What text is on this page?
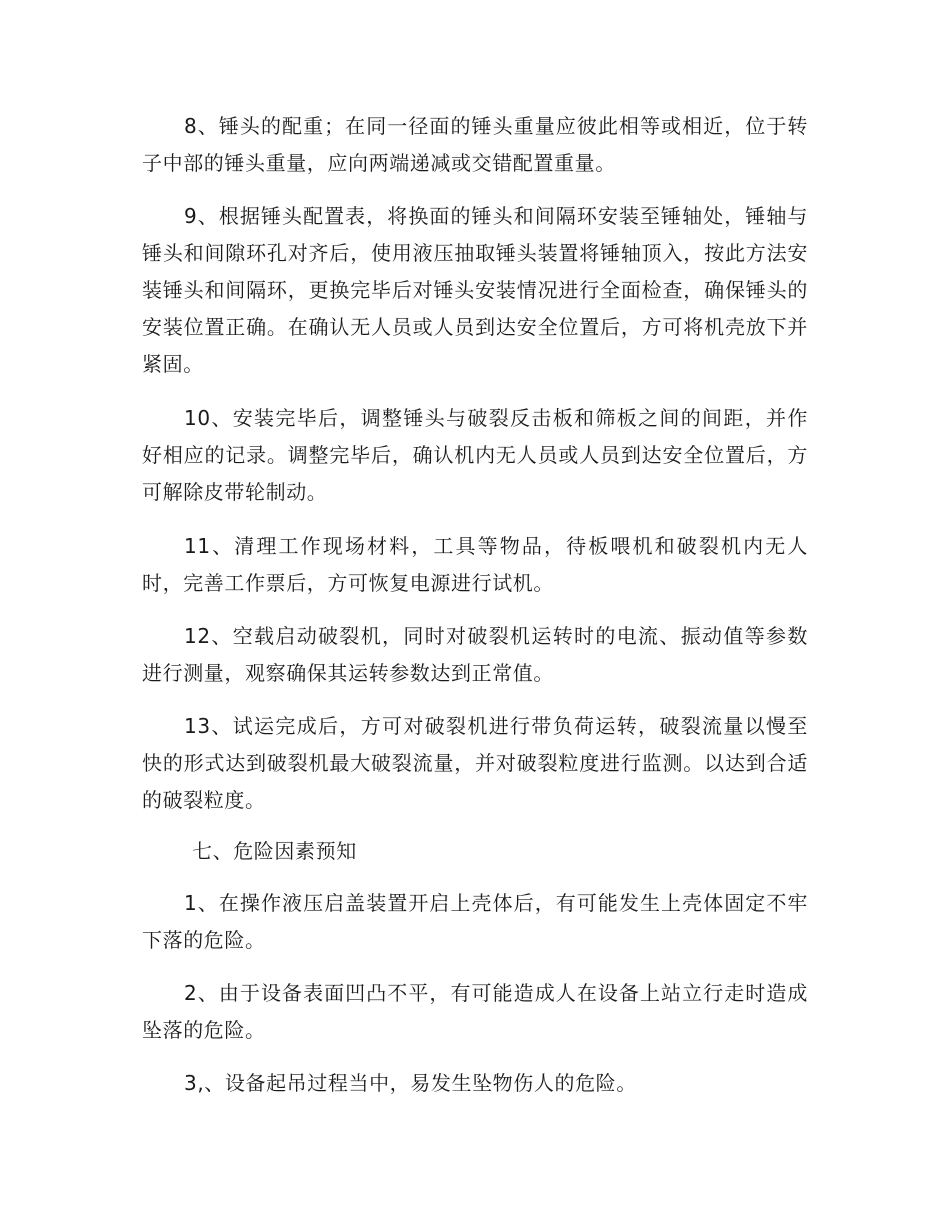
8、锤头的配重；在同一径面的锤头重量应彼此相等或相近，位于转子中部的锤头重量，应向两端递减或交错配置重量。

9、根据锤头配置表，将换面的锤头和间隔环安装至锤轴处，锤轴与锤头和间隙环孔对齐后，使用液压抽取锤头装置将锤轴顶入，按此方法安装锤头和间隔环，更换完毕后对锤头安装情况进行全面检查，确保锤头的安装位置正确。在确认无人员或人员到达安全位置后，方可将机壳放下并紧固。

10、安装完毕后，调整锤头与破裂反击板和筛板之间的间距，并作好相应的记录。调整完毕后，确认机内无人员或人员到达安全位置后，方可解除皮带轮制动。

11、清理工作现场材料，工具等物品，待板喂机和破裂机内无人时，完善工作票后，方可恢复电源进行试机。

12、空载启动破裂机，同时对破裂机运转时的电流、振动值等参数进行测量，观察确保其运转参数达到正常值。

13、试运完成后，方可对破裂机进行带负荷运转，破裂流量以慢至快的形式达到破裂机最大破裂流量，并对破裂粒度进行监测。以达到合适的破裂粒度。

七、危险因素预知

1、在操作液压启盖装置开启上壳体后，有可能发生上壳体固定不牢下落的危险。

2、由于设备表面凹凸不平，有可能造成人在设备上站立行走时造成坠落的危险。

3,、设备起吊过程当中，易发生坠物伤人的危险。
